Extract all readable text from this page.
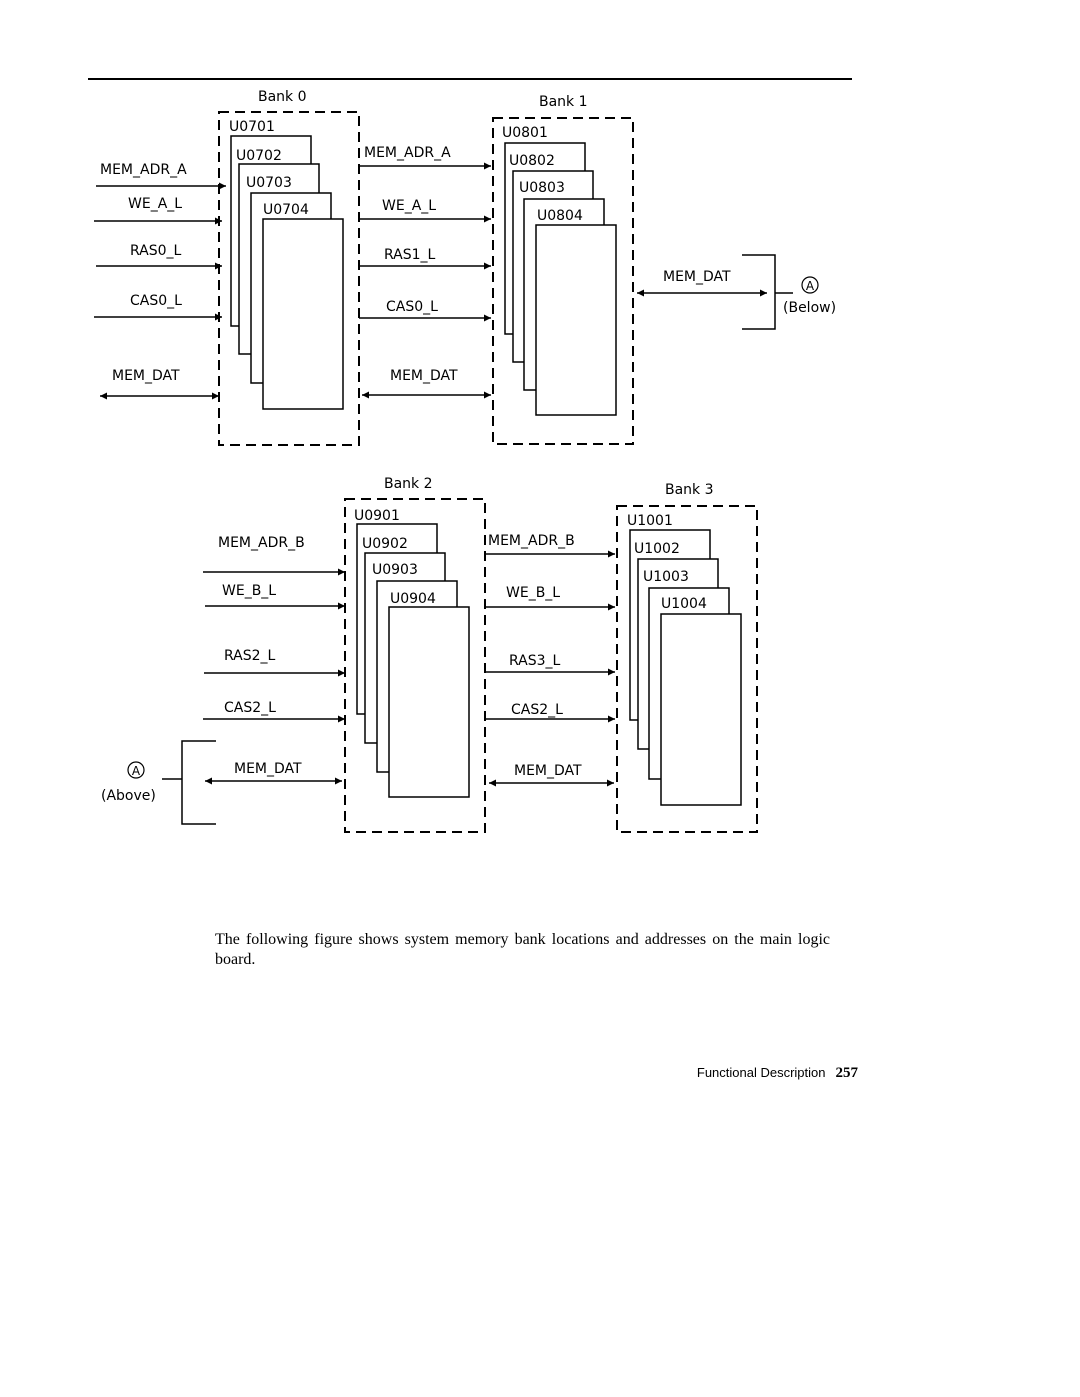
Bank 0
U0701
U0702
U0703
U0704
MEM_ADR_A
WE_A_L
RAS0_L
CAS0_L
MEM_DAT
Bank 1
U0801
U0802
U0803
U0804
MEM_ADR_A
WE_A_L
RAS1_L
CAS0_L
MEM_DAT
MEM_DAT
A
(Below)
Bank 2
U0901
U0902
U0903
U0904
MEM_ADR_B
WE_B_L
RAS2_L
CAS2_L
MEM_DAT
A
(Above)
Bank 3
U1001
U1002
U1003
U1004
MEM_ADR_B
WE_B_L
RAS3_L
CAS2_L
MEM_DAT

The following figure shows system memory bank locations and addresses on the main logic board.

Functional Description 257
